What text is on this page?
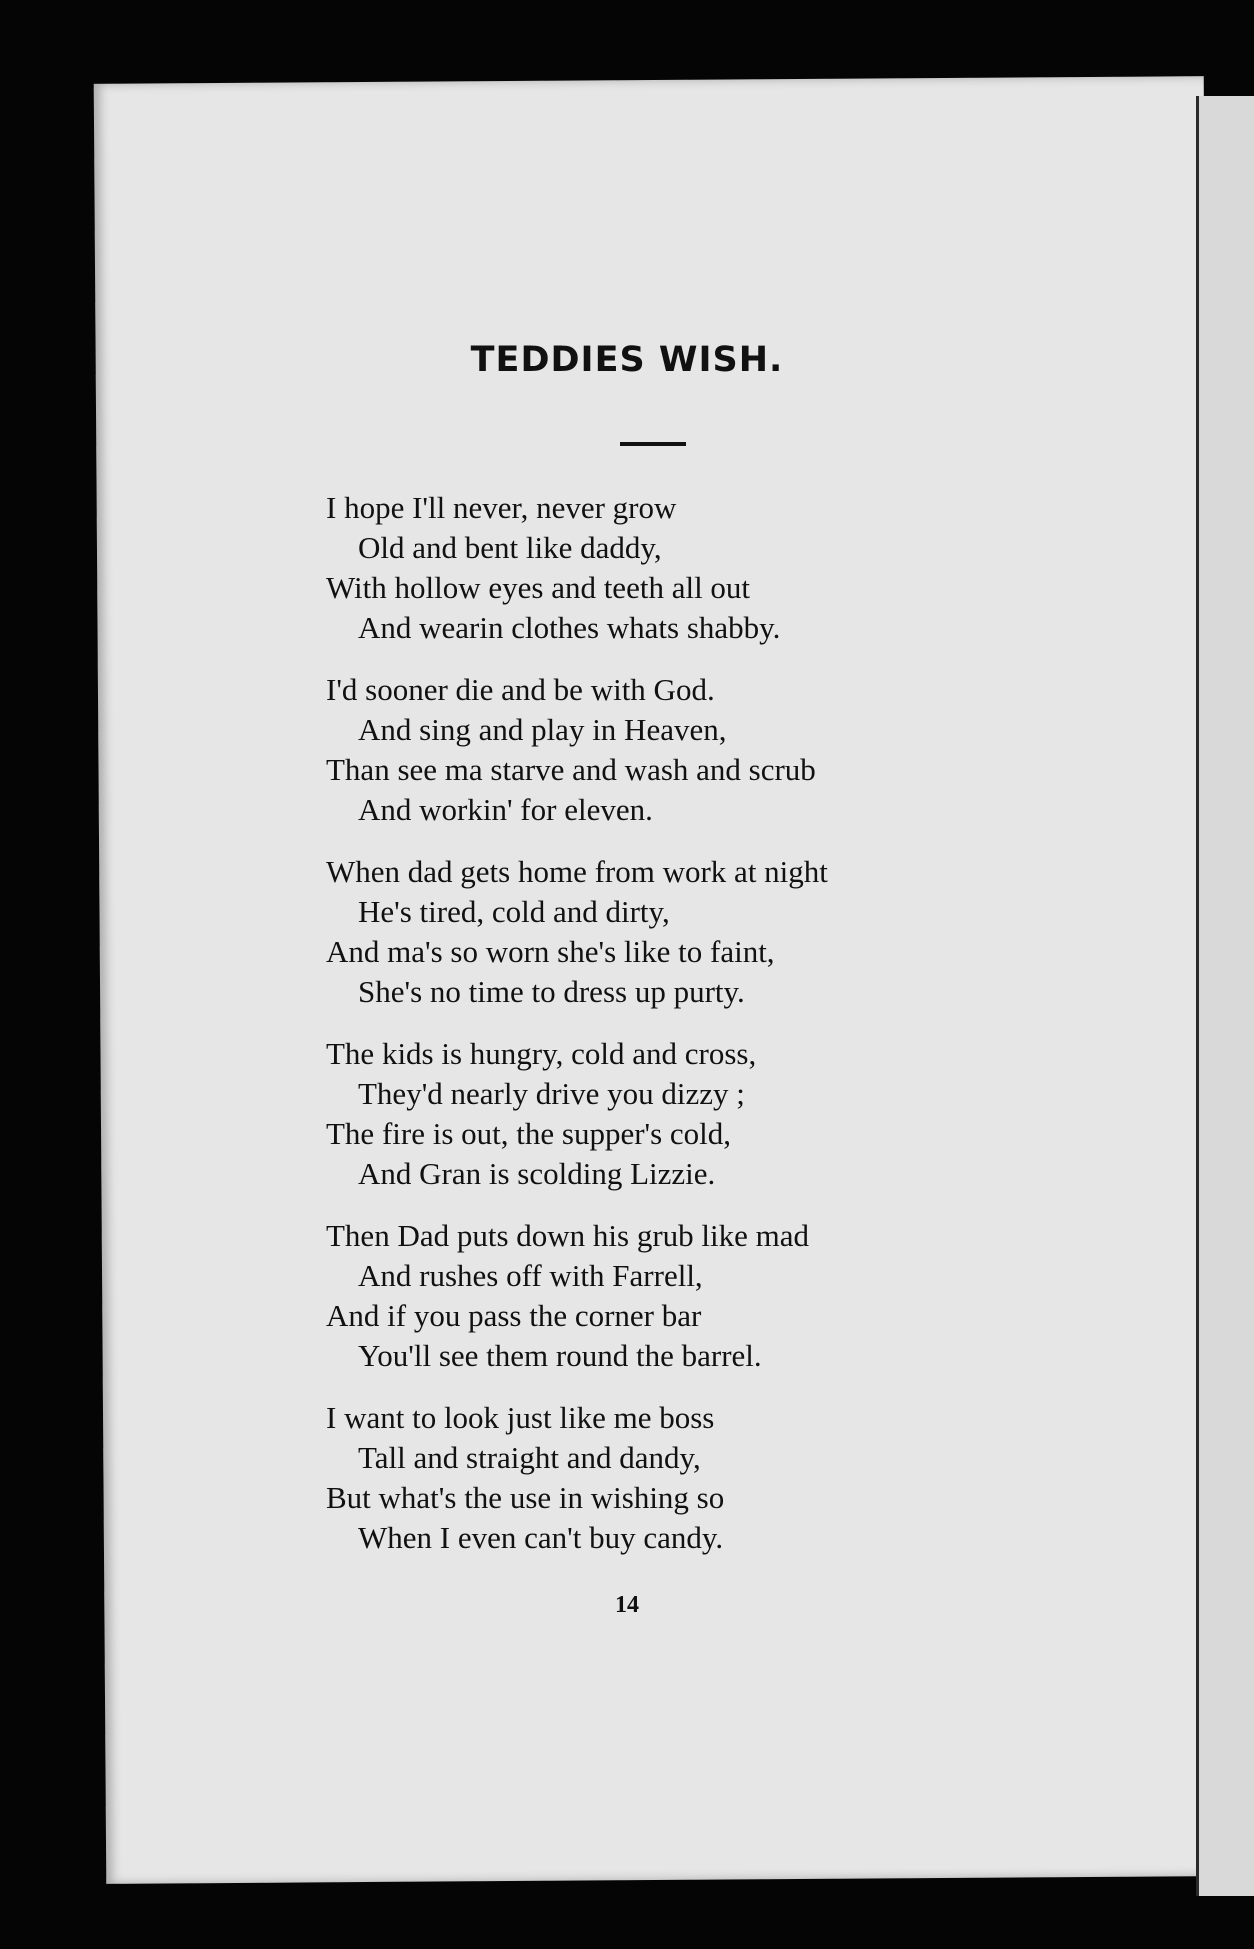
TEDDIES WISH.
I hope I'll never, never grow
Old and bent like daddy,
With hollow eyes and teeth all out
And wearin clothes whats shabby.
I'd sooner die and be with God.
And sing and play in Heaven,
Than see ma starve and wash and scrub
And workin' for eleven.
When dad gets home from work at night
He's tired, cold and dirty,
And ma's so worn she's like to faint,
She's no time to dress up purty.
The kids is hungry, cold and cross,
They'd nearly drive you dizzy ;
The fire is out, the supper's cold,
And Gran is scolding Lizzie.
Then Dad puts down his grub like mad
And rushes off with Farrell,
And if you pass the corner bar
You'll see them round the barrel.
I want to look just like me boss
Tall and straight and dandy,
But what's the use in wishing so
When I even can't buy candy.
14
